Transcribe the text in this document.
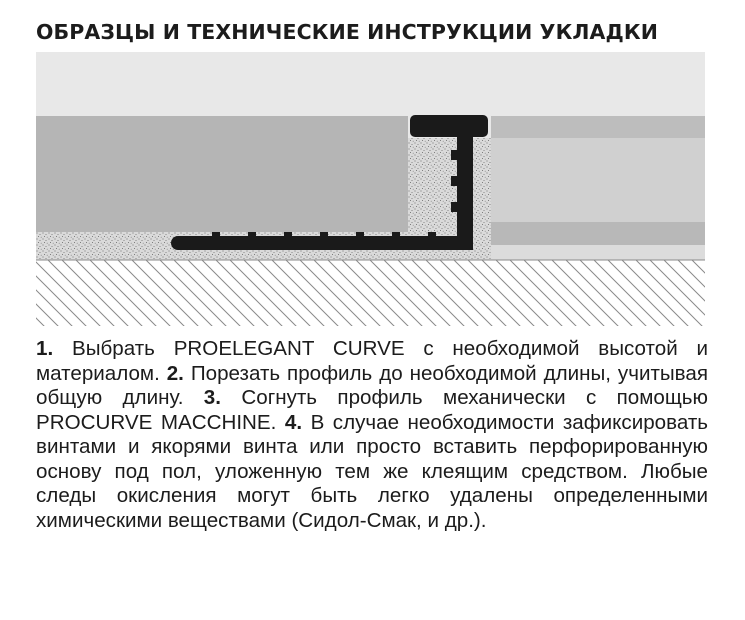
ОБРАЗЦЫ И ТЕХНИЧЕСКИЕ ИНСТРУКЦИИ УКЛАДКИ

1. Выбрать PROELEGANT CURVE с необходимой высотой и материалом. 2. Порезать профиль до необходимой длины, учитывая общую длину. 3. Согнуть профиль механически с помощью PROCURVE MACCHINE. 4. В случае необходимости зафиксировать винтами и якорями винта или просто вставить перфорированную основу под пол, уложенную тем же клеящим средством. Любые следы окисления могут быть легко удалены определенными химическими веществами (Сидол-Смак, и др.).
